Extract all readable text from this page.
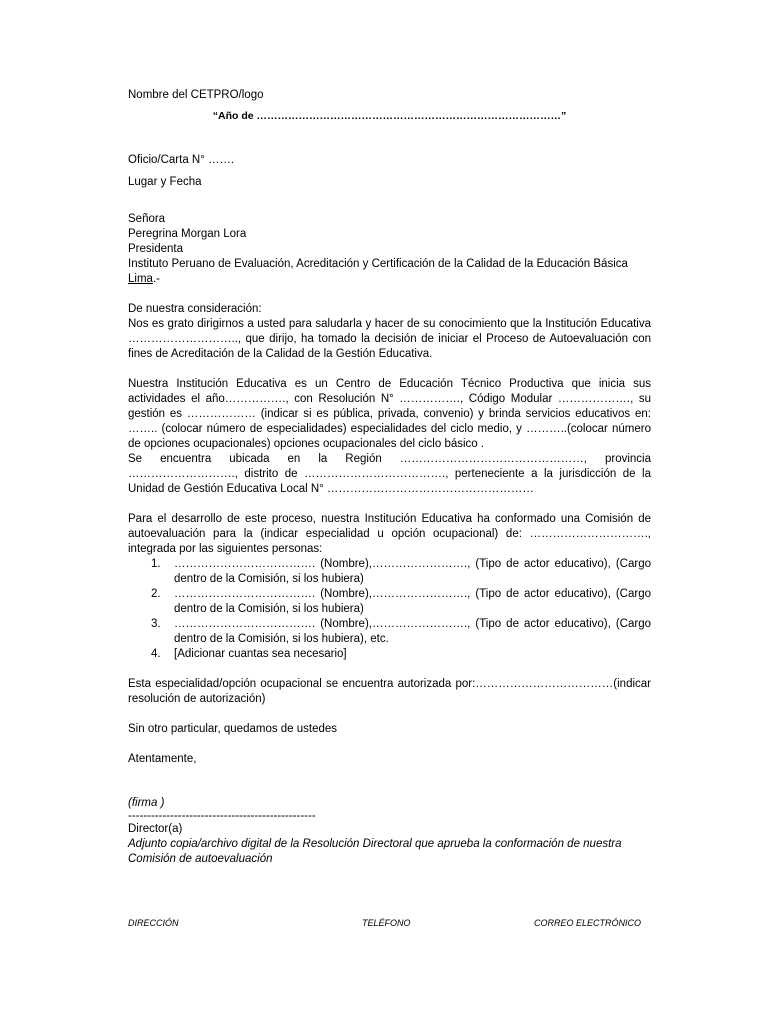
Nombre del CETPRO/logo

“Año de ……………………………………………………………………………”

Oficio/Carta N° …….

Lugar y Fecha

Señora

Peregrina Morgan Lora

Presidenta

Instituto Peruano de Evaluación, Acreditación y Certificación de la Calidad de la Educación Básica

Lima.-

De nuestra consideración:

Nos es grato dirigirnos a usted para saludarla y hacer de su conocimiento que la Institución Educativa ……………………….., que dirijo, ha tomado la decisión de iniciar el Proceso de Autoevaluación con fines de Acreditación de la Calidad de la Gestión Educativa.

Nuestra Institución Educativa es un Centro de Educación Técnico Productiva que inicia sus actividades el año……………., con Resolución N° ……………., Código Modular ………………., su gestión es ……………… (indicar si es pública, privada, convenio) y brinda servicios educativos en: …….. (colocar número de especialidades) especialidades del ciclo medio, y ………..(colocar número de opciones ocupacionales) opciones ocupacionales del ciclo básico .

Se encuentra ubicada en la Región …………………………………………, provincia ………………………., distrito de ………………………………., perteneciente a la jurisdicción de la Unidad de Gestión Educativa Local N° ………………………………………………

Para el desarrollo de este proceso, nuestra Institución Educativa ha conformado una Comisión de autoevaluación para la (indicar especialidad u opción ocupacional) de: …………………………., integrada por las siguientes personas:

1. ………………………………. (Nombre),……………………., (Tipo de actor educativo), (Cargo dentro de la Comisión, si los hubiera)
2. ………………………………. (Nombre),……………………., (Tipo de actor educativo), (Cargo dentro de la Comisión, si los hubiera)
3. ………………………………. (Nombre),……………………., (Tipo de actor educativo), (Cargo dentro de la Comisión, si los hubiera), etc.
4. [Adicionar cuantas sea necesario]

Esta especialidad/opción ocupacional se encuentra autorizada por:………………………………(indicar resolución de autorización)

Sin otro particular, quedamos de ustedes

Atentamente,

(firma )

-------------------------------------------------

Director(a)

Adjunto copia/archivo digital de la Resolución Directoral que aprueba la conformación de nuestra Comisión de autoevaluación

DIRECCIÓN	TELÉFONO	CORREO ELECTRÓNICO
